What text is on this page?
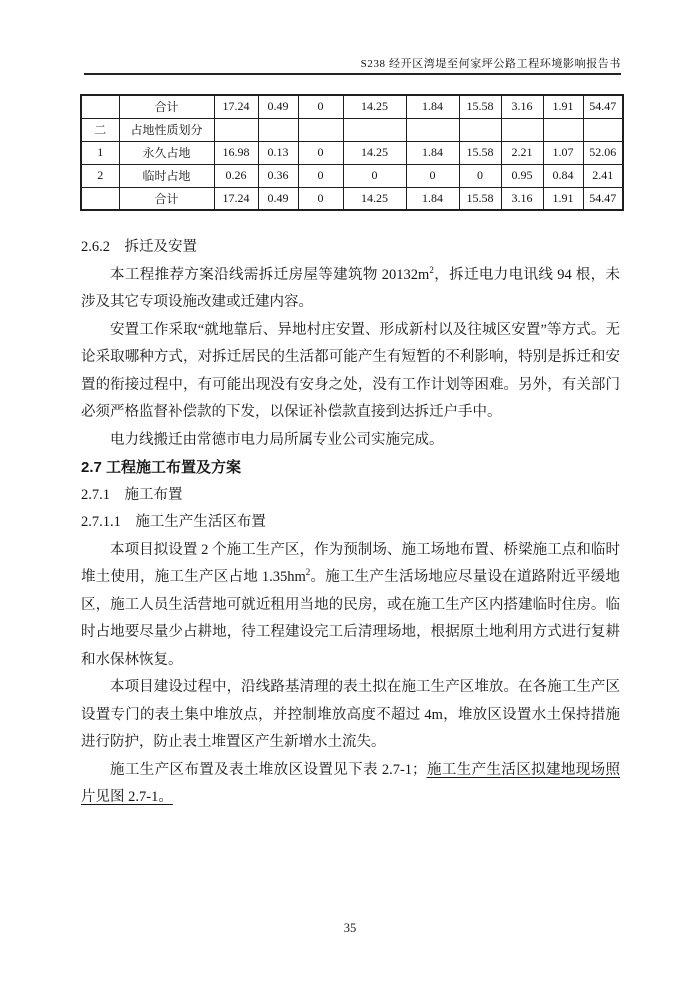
S238 经开区湾堤至何家坪公路工程环境影响报告书
	合计	17.24	0.49	0	14.25	1.84	15.58	3.16	1.91	54.47
二	占地性质划分									
1	永久占地	16.98	0.13	0	14.25	1.84	15.58	2.21	1.07	52.06
2	临时占地	0.26	0.36	0	0	0	0	0.95	0.84	2.41
	合计	17.24	0.49	0	14.25	1.84	15.58	3.16	1.91	54.47

2.6.2　拆迁及安置

本工程推荐方案沿线需拆迁房屋等建筑物 $20132m^2$，拆迁电力电讯线 94 根，未涉及其它专项设施改建或迁建内容。

安置工作采取“就地靠后、异地村庄安置、形成新村以及往城区安置”等方式。无论采取哪种方式，对拆迁居民的生活都可能产生有短暂的不利影响，特别是拆迁和安置的衔接过程中，有可能出现没有安身之处，没有工作计划等困难。另外，有关部门必须严格监督补偿款的下发，以保证补偿款直接到达拆迁户手中。

电力线搬迁由常德市电力局所属专业公司实施完成。

2.7 工程施工布置及方案

2.7.1　施工布置

2.7.1.1　施工生产生活区布置

本项目拟设置 2 个施工生产区，作为预制场、施工场地布置、桥梁施工点和临时堆土使用，施工生产区占地 $1.35hm^2$。施工生产生活场地应尽量设在道路附近平缓地区，施工人员生活营地可就近租用当地的民房，或在施工生产区内搭建临时住房。临时占地要尽量少占耕地，待工程建设完工后清理场地，根据原土地利用方式进行复耕和水保林恢复。

本项目建设过程中，沿线路基清理的表土拟在施工生产区堆放。在各施工生产区设置专门的表土集中堆放点，并控制堆放高度不超过 4m，堆放区设置水土保持措施进行防护，防止表土堆置区产生新增水土流失。

施工生产区布置及表土堆放区设置见下表 2.7-1；施工生产生活区拟建地现场照片见图 2.7-1。

35
